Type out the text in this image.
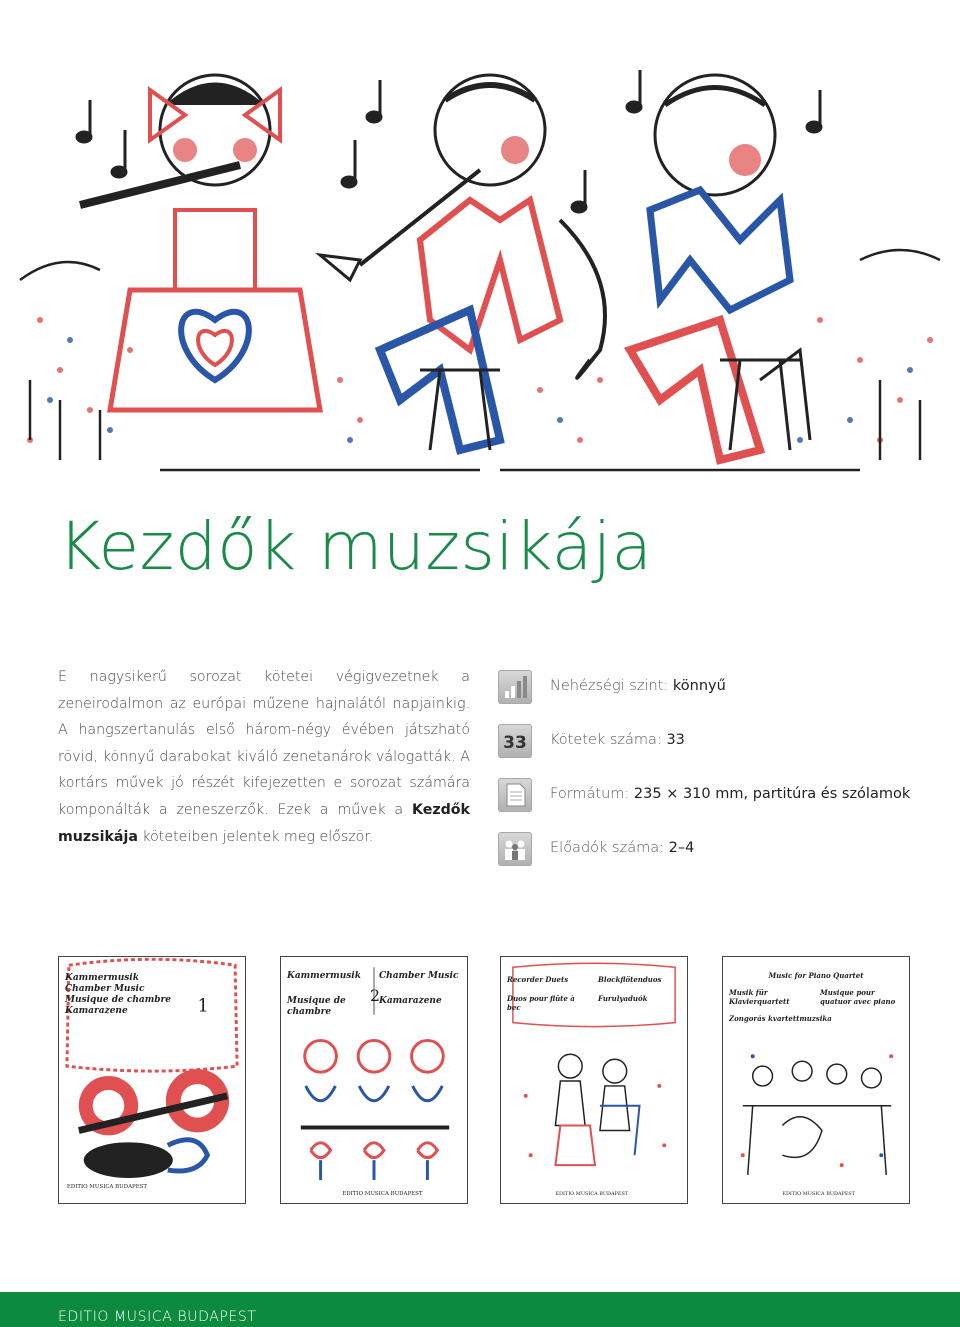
Kezdők muzsikája
E nagysikerű sorozat kötetei végigvezetnek a zeneirodalmon az európai műzene hajnalától napjainkig. A hangszertanulás első három-négy évében játszható rövid, könnyű darabokat kiváló zenetanárok válogatták. A kortárs művek jó részét kifejezetten e sorozat számára komponálták a zeneszerzők. Ezek a művek a Kezdők muzsikája köteteiben jelentek meg először.
Nehézségi szint: könnyű
33 Kötetek száma: 33
Formátum: 235 × 310 mm, partitúra és szólamok
Előadók száma: 2–4
1
EDITIO MUSICA BUDAPEST
Kammermusik
Chamber Music
Musique de chambre
Kamarazene
2
EDITIO MUSICA BUDAPEST
Kammermusik	Chamber Music
Musique de chambre
Kamarazene
EDITIO MUSICA BUDAPEST
Recorder Duets	Blockflötenduos
Duos pour flûte à bec
Furulyaduók
EDITIO MUSICA BUDAPEST
Music for Piano Quartet
Musik für Klavierquartett
Musique pour quatuor avec piano
Zongorás kvartettmuzsika
EDITIO MUSICA BUDAPEST
